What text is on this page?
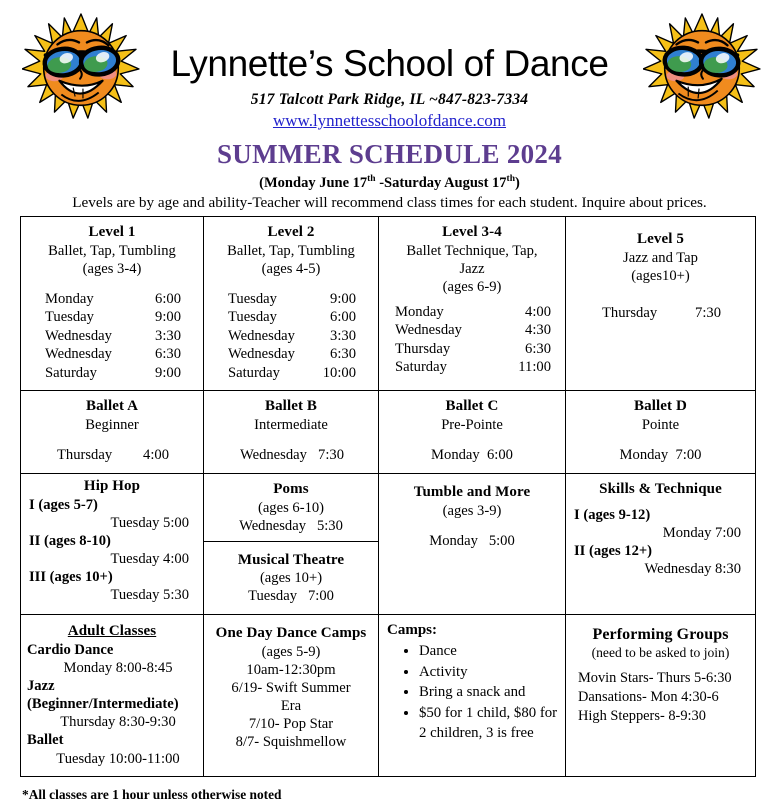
Lynnette’s School of Dance
517 Talcott Park Ridge, IL ~847-823-7334
www.lynnettesschoolofdance.com
SUMMER SCHEDULE 2024
(Monday June 17th -Saturday August 17th)
Levels are by age and ability-Teacher will recommend class times for each student. Inquire about prices.
Level 1
Ballet, Tap, Tumbling
(ages 3-4)
Monday	6:00
Tuesday	9:00
Wednesday	3:30
Wednesday	6:30
Saturday	9:00

Level 2
Ballet, Tap, Tumbling
(ages 4-5)
Tuesday	9:00
Tuesday	6:00
Wednesday 3:30
Wednesday 6:30
Saturday	10:00

Level 3-4
Ballet Technique, Tap,
Jazz
(ages 6-9)
Monday	4:00
Wednesday	4:30
Thursday	6:30
Saturday	11:00

Level 5
Jazz and Tap
(ages10+)
Thursday	7:30

Ballet A
Beginner
Thursday 4:00

Ballet B
Intermediate
Wednesday 7:30

Ballet C
Pre-Pointe
Monday 6:00

Ballet D
Pointe
Monday 7:00

Hip Hop
I (ages 5-7)
Tuesday 5:00
II (ages 8-10)
Tuesday 4:00
III (ages 10+)
Tuesday 5:30

Poms
(ages 6-10)
Wednesday 5:30

Musical Theatre
(ages 10+)
Tuesday 7:00

Tumble and More
(ages 3-9)
Monday 5:00

Skills & Technique
I (ages 9-12)
Monday 7:00
II (ages 12+)
Wednesday 8:30

Adult Classes
Cardio Dance
Monday 8:00-8:45
Jazz
(Beginner/Intermediate)
Thursday 8:30-9:30
Ballet
Tuesday 10:00-11:00

One Day Dance Camps
(ages 5-9)
10am-12:30pm
6/19- Swift Summer
Era
7/10- Pop Star
8/7- Squishmellow

Camps:
• Dance
• Activity
• Bring a snack and
• $50 for 1 child, $80 for 2 children, 3 is free

Performing Groups
(need to be asked to join)
Movin Stars- Thurs 5-6:30
Dansations- Mon 4:30-6
High Steppers- 8-9:30
*All classes are 1 hour unless otherwise noted
